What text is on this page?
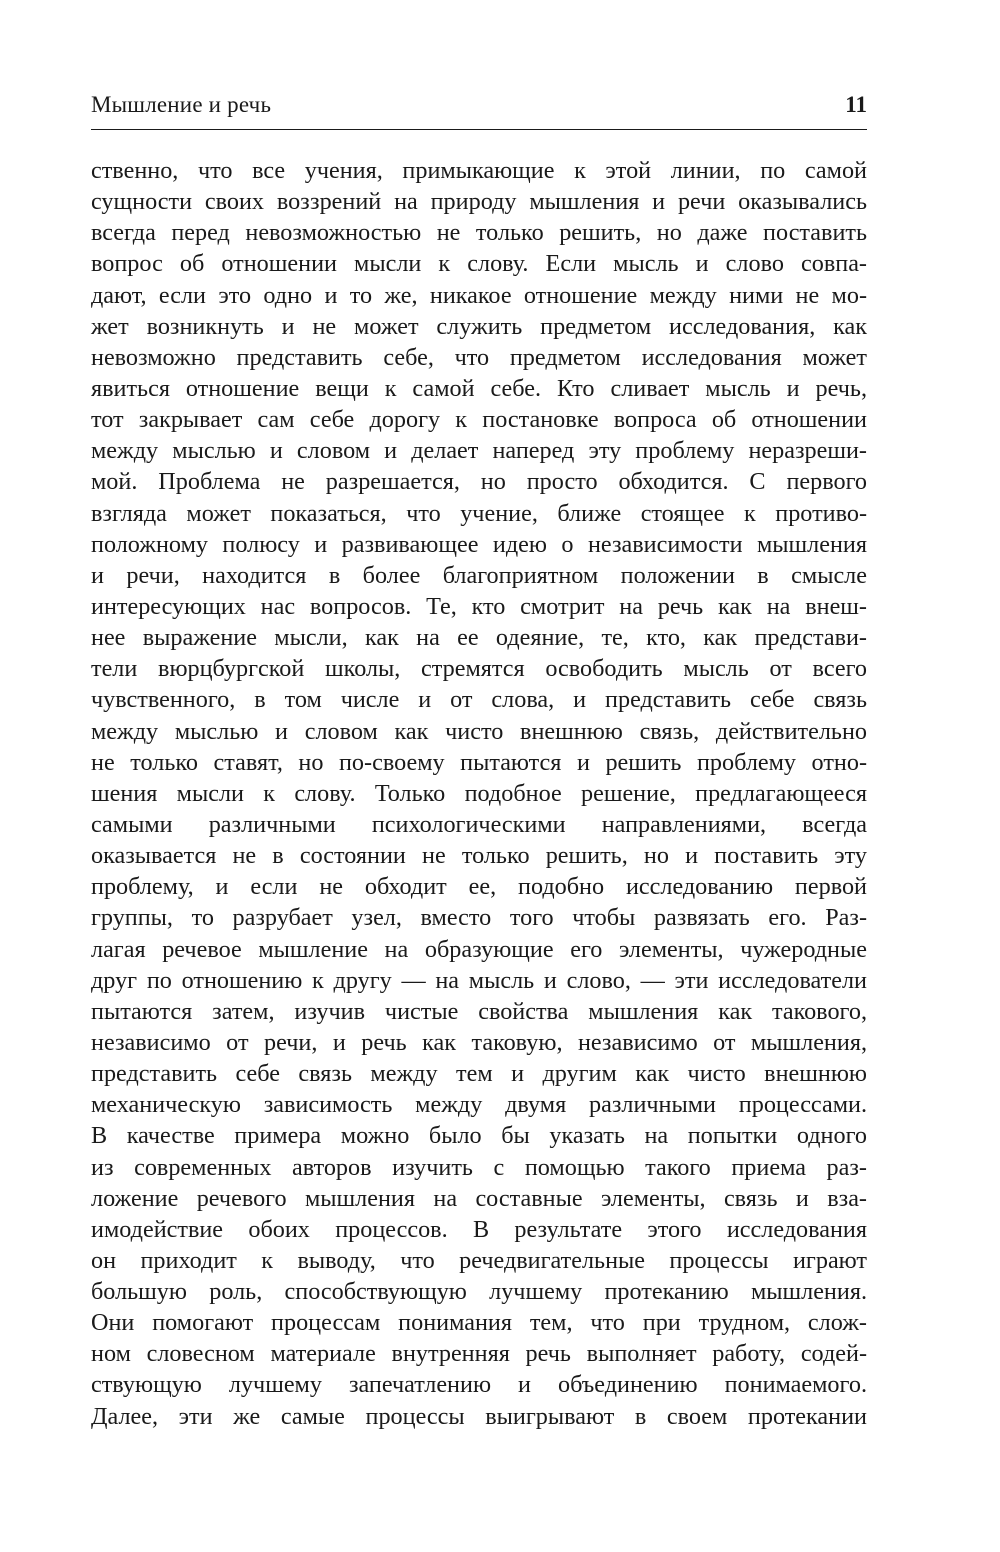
Мышление и речь	11
ственно, что все учения, примыкающие к этой линии, по самой
сущности своих воззрений на природу мышления и речи оказывались
всегда перед невозможностью не только решить, но даже поставить
вопрос об отношении мысли к слову. Если мысль и слово совпа-
дают, если это одно и то же, никакое отношение между ними не мо-
жет возникнуть и не может служить предметом исследования, как
невозможно представить себе, что предметом исследования может
явиться отношение вещи к самой себе. Кто сливает мысль и речь,
тот закрывает сам себе дорогу к постановке вопроса об отношении
между мыслью и словом и делает наперед эту проблему неразреши-
мой. Проблема не разрешается, но просто обходится. С первого
взгляда может показаться, что учение, ближе стоящее к противо-
положному полюсу и развивающее идею о независимости мышления
и речи, находится в более благоприятном положении в смысле
интересующих нас вопросов. Те, кто смотрит на речь как на внеш-
нее выражение мысли, как на ее одеяние, те, кто, как представи-
тели вюрцбургской школы, стремятся освободить мысль от всего
чувственного, в том числе и от слова, и представить себе связь
между мыслью и словом как чисто внешнюю связь, действительно
не только ставят, но по-своему пытаются и решить проблему отно-
шения мысли к слову. Только подобное решение, предлагающееся
самыми различными психологическими направлениями, всегда
оказывается не в состоянии не только решить, но и поставить эту
проблему, и если не обходит ее, подобно исследованию первой
группы, то разрубает узел, вместо того чтобы развязать его. Раз-
лагая речевое мышление на образующие его элементы, чужеродные
друг по отношению к другу — на мысль и слово, — эти исследователи
пытаются затем, изучив чистые свойства мышления как такового,
независимо от речи, и речь как таковую, независимо от мышления,
представить себе связь между тем и другим как чисто внешнюю
механическую зависимость между двумя различными процессами.
В качестве примера можно было бы указать на попытки одного
из современных авторов изучить с помощью такого приема раз-
ложение речевого мышления на составные элементы, связь и вза-
имодействие обоих процессов. В результате этого исследования
он приходит к выводу, что речедвигательные процессы играют
большую роль, способствующую лучшему протеканию мышления.
Они помогают процессам понимания тем, что при трудном, слож-
ном словесном материале внутренняя речь выполняет работу, содей-
ствующую лучшему запечатлению и объединению понимаемого.
Далее, эти же самые процессы выигрывают в своем протекании
